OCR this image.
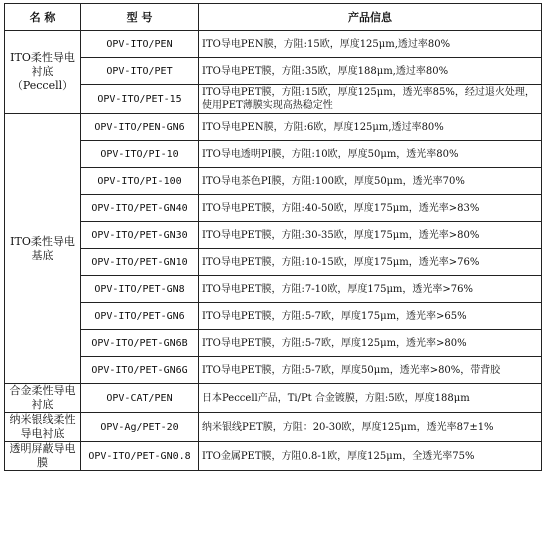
名 称	型 号	产品信息
ITO柔性导电衬底（Peccell）	OPV-ITO/PEN	ITO导电PEN膜，方阻:15欧，厚度125μm,透过率80%
	OPV-ITO/PET	ITO导电PET膜，方阻:35欧，厚度188μm,透过率80%
	OPV-ITO/PET-15	ITO导电PET膜，方阻:15欧，厚度125μm，透光率85%，经过退火处理，使用PET薄膜实现高热稳定性
ITO柔性导电基底	OPV-ITO/PEN-GN6	ITO导电PEN膜，方阻:6欧，厚度125μm,透过率80%
	OPV-ITO/PI-10	ITO导电透明PI膜，方阻:10欧，厚度50μm，透光率80%
	OPV-ITO/PI-100	ITO导电茶色PI膜，方阻:100欧，厚度50μm，透光率70%
	OPV-ITO/PET-GN40	ITO导电PET膜，方阻:40-50欧，厚度175μm，透光率>83%
	OPV-ITO/PET-GN30	ITO导电PET膜，方阻:30-35欧，厚度175μm，透光率>80%
	OPV-ITO/PET-GN10	ITO导电PET膜，方阻:10-15欧，厚度175μm，透光率>76%
	OPV-ITO/PET-GN8	ITO导电PET膜，方阻:7-10欧，厚度175μm，透光率>76%
	OPV-ITO/PET-GN6	ITO导电PET膜，方阻:5-7欧，厚度175μm，透光率>65%
	OPV-ITO/PET-GN6B	ITO导电PET膜，方阻:5-7欧，厚度125μm，透光率>80%
	OPV-ITO/PET-GN6G	ITO导电PET膜，方阻:5-7欧，厚度50μm，透光率>80%，带背胶
合金柔性导电衬底	OPV-CAT/PEN	日本Peccell产品，Ti/Pt 合金镀膜，方阻:5欧，厚度188μm
纳米银线柔性导电衬底	OPV-Ag/PET-20	纳米银线PET膜，方阻：20-30欧，厚度125μm，透光率87±1%
透明屏蔽导电膜	OPV-ITO/PET-GN0.8	ITO金属PET膜，方阻0.8-1欧，厚度125μm，全透光率75%
